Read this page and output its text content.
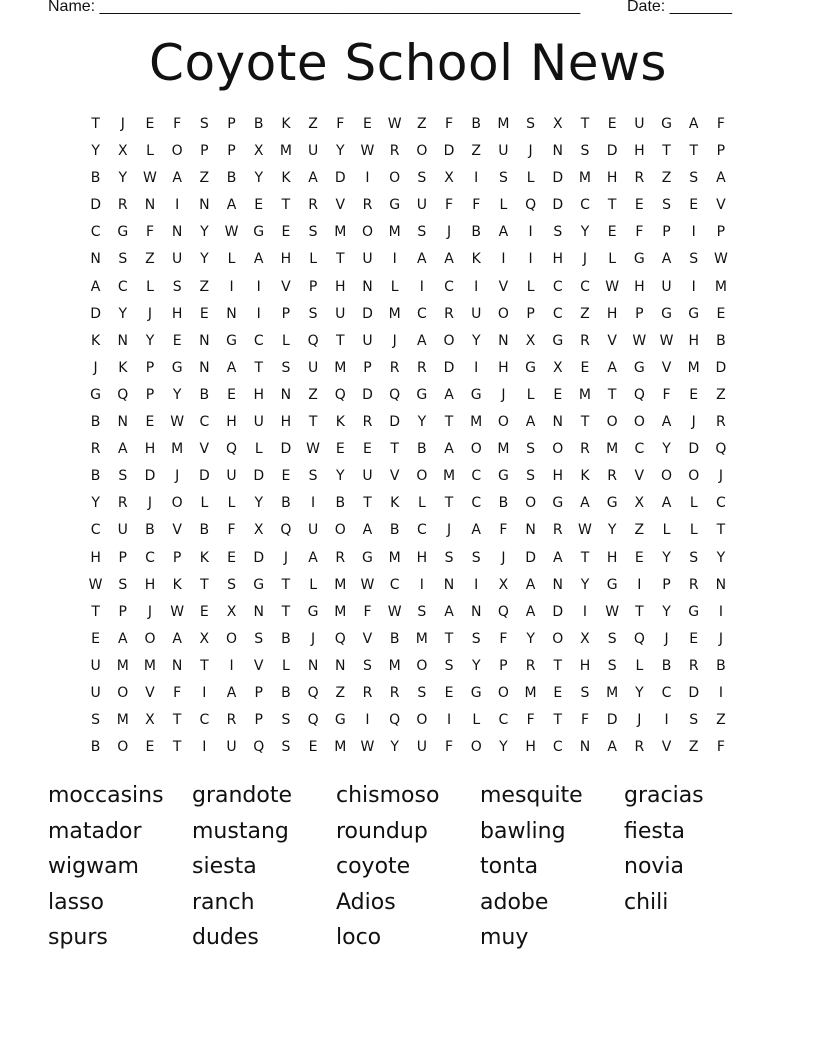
Name: ______________________________________________________	Date: _______
Coyote School News
T	J	E	F	S	P	B	K	Z	F	E	W	Z	F	B	M	S	X	T	E	U	G	A	F
Y	X	L	O	P	P	X	M	U	Y	W	R	O	D	Z	U	J	N	S	D	H	T	T	P
B	Y	W	A	Z	B	Y	K	A	D	I	O	S	X	I	S	L	D	M	H	R	Z	S	A
D	R	N	I	N	A	E	T	R	V	R	G	U	F	F	L	Q	D	C	T	E	S	E	V
C	G	F	N	Y	W	G	E	S	M	O	M	S	J	B	A	I	S	Y	E	F	P	I	P
N	S	Z	U	Y	L	A	H	L	T	U	I	A	A	K	I	I	H	J	L	G	A	S	W
A	C	L	S	Z	I	I	V	P	H	N	L	I	C	I	V	L	C	C	W	H	U	I	M
D	Y	J	H	E	N	I	P	S	U	D	M	C	R	U	O	P	C	Z	H	P	G	G	E
K	N	Y	E	N	G	C	L	Q	T	U	J	A	O	Y	N	X	G	R	V	W W	H	B
J	K	P	G	N	A	T	S	U	M	P	R	R	D	I	H	G	X	E	A	G	V	M	D
G	Q	P	Y	B	E	H	N	Z	Q	D	Q	G	A	G	J	L	E	M	T	Q	F	E	Z
B	N	E	W	C	H	U	H	T	K	R	D	Y	T	M	O	A	N	T	O	O	A	J	R
R	A	H	M	V	Q	L	D	W	E	E	T	B	A	O	M	S	O	R	M	C	Y	D	Q
B	S	D	J	D	U	D	E	S	Y	U	V	O	M	C	G	S	H	K	R	V	O	O	J
Y	R	J	O	L	L	Y	B	I	B	T	K	L	T	C	B	O	G	A	G	X	A	L	C
C	U	B	V	B	F	X	Q	U	O	A	B	C	J	A	F	N	R	W	Y	Z	L	L	T
H	P	C	P	K	E	D	J	A	R	G	M	H	S	S	J	D	A	T	H	E	Y	S	Y
W	S	H	K	T	S	G	T	L	M	W	C	I	N	I	X	A	N	Y	G	I	P	R	N
T	P	J	W	E	X	N	T	G	M	F	W	S	A	N	Q	A	D	I	W	T	Y	G	I
E	A	O	A	X	O	S	B	J	Q	V	B	M	T	S	F	Y	O	X	S	Q	J	E	J
U	M	M	N	T	I	V	L	N	N	S	M	O	S	Y	P	R	T	H	S	L	B	R	B
U	O	V	F	I	A	P	B	Q	Z	R	R	S	E	G	O	M	E	S	M	Y	C	D	I
S	M	X	T	C	R	P	S	Q	G	I	Q	O	I	L	C	F	T	F	D	J	I	S	Z
B	O	E	T	I	U	Q	S	E	M	W	Y	U	F	O	Y	H	C	N	A	R	V	Z	F
moccasins	grandote	chismoso	mesquite	gracias
matador	mustang	roundup	bawling	fiesta
wigwam	siesta	coyote	tonta	novia
lasso	ranch	Adios	adobe	chili
spurs	dudes	loco	muy
